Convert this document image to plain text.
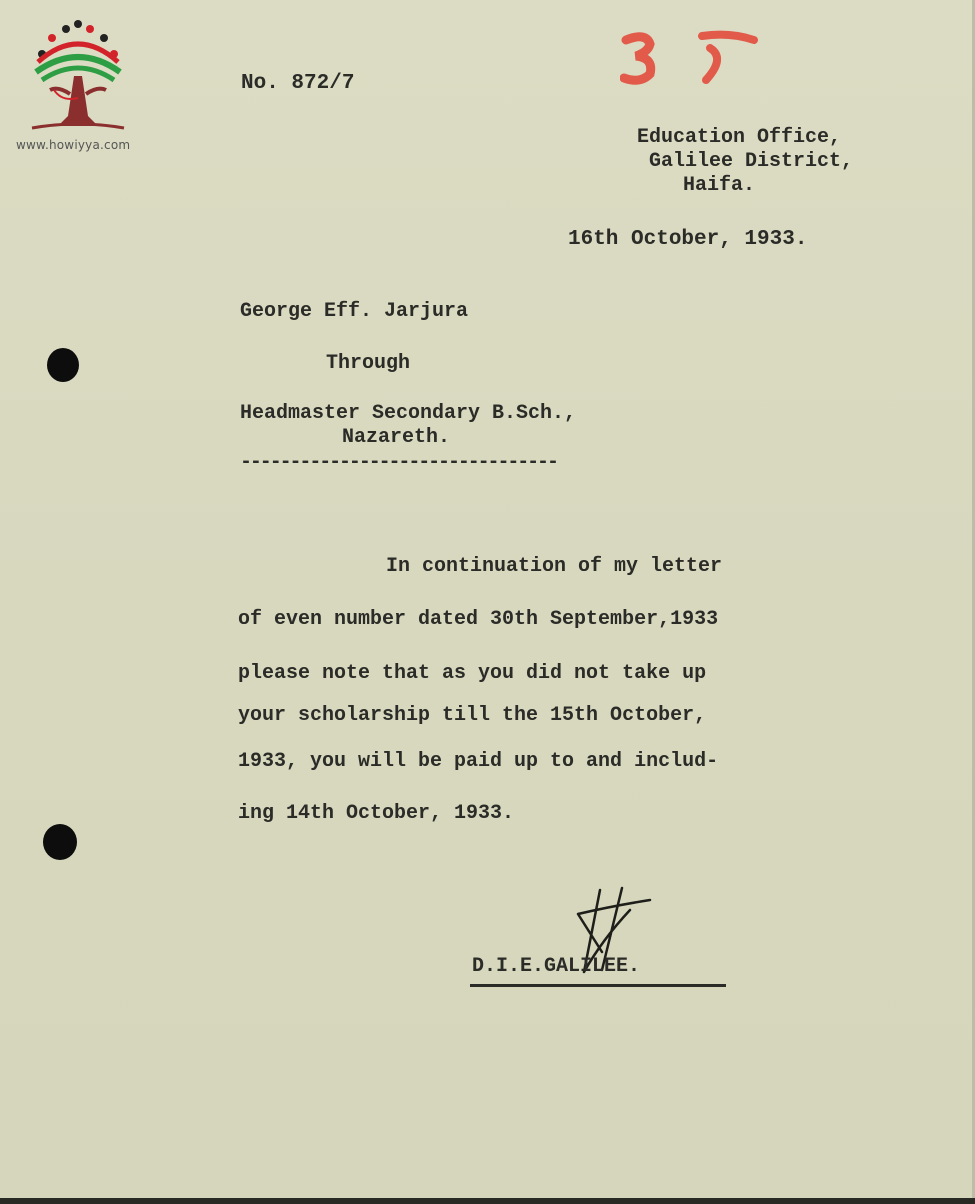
www.howiyya.com
No. 872/7
Education Office,
Galilee District,
Haifa.
16th October, 1933.
George Eff. Jarjura
Through
Headmaster Secondary B.Sch.,
Nazareth.
--------------------------------
In continuation of my letter
of even number dated 30th September,1933
please note that as you did not take up
your scholarship till the 15th October,
1933, you will be paid up to and includ-
ing 14th October, 1933.
D.I.E.GALILEE.
